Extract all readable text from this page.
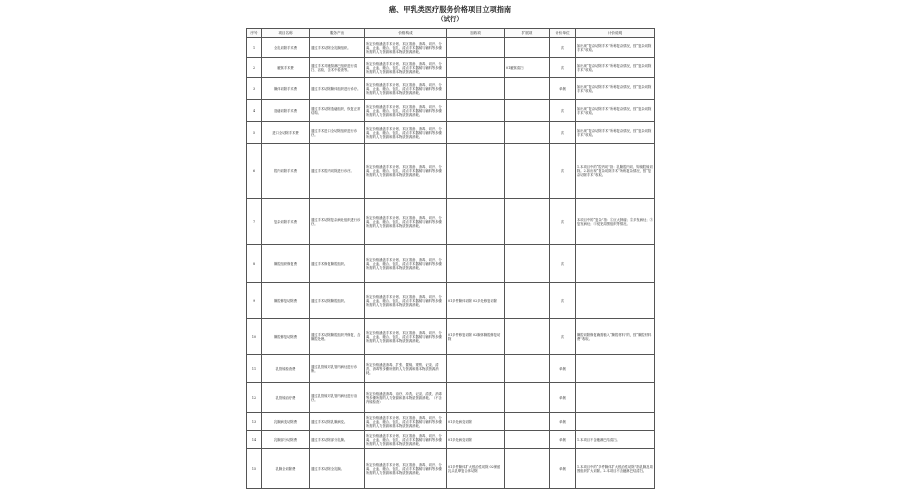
癌、甲乳类医疗服务价格项目立项指南
（试行）
序号	项目名称	服务产出	价格构成	加收项	扩展项	计价单位	计价说明
1	全乳切除手术费	通过手术切除全乳腺组织。	所定价格涵盖手术计划、术区准备、消毒、切开、分离、止血、缝合、包扎、清点手术器械与辅料等步骤所需的人力资源和基本物质资源消耗。			次	如出现“复杂切除手术”所称复杂情况，按“复杂切除手术”收取。
2	腋窝手术费	通过手术对腋窝淋巴组织进行清扫、活检，含术中检查等。	所定价格涵盖手术计划、术区准备、消毒、切开、分离、止血、缝合、包扎、清点手术器械与辅料等步骤所需的人力资源和基本物质资源消耗。		01腋窝清扫	次	如出现“复杂切除手术”所称复杂情况，按“复杂切除手术”收取。
3	腺体切除手术费	通过手术切除腺体组织进行诊疗。	所定价格涵盖手术计划、术区准备、消毒、切开、分离、止血、缝合、包扎、清点手术器械与辅料等步骤所需的人力资源和基本物质资源消耗。			单侧	如出现“复杂切除手术”所称复杂情况，按“复杂切除手术”收取。
4	造瘘切除手术费	通过手术切除造瘘组织，恢复正常结构。	所定价格涵盖手术计划、术区准备、消毒、切开、分离、止血、缝合、包扎、清点手术器械与辅料等步骤所需的人力资源和基本物质资源消耗。			次	如出现“复杂切除手术”所称复杂情况，按“复杂切除手术”收取。
5	进口全切除手术费	通过手术进口全切除组织进行诊疗。	所定价格涵盖手术计划、术区准备、消毒、切开、分离、止血、缝合、包扎、清点手术器械与辅料等步骤所需的人力资源和基本物质资源消耗。			次	如出现“复杂切除手术”所称复杂情况，按“复杂切除手术”收取。
6	腔内切除手术费	通过手术腔内切除进行诊疗。	所定价格涵盖手术计划、术区准备、消毒、切开、分离、止血、缝合、包扎、清点手术器械与辅料等步骤所需的人力资源和基本物质资源消耗。			次	1.本项目中的“腔内切”指：乳腺腔内切、钩镜腔镜切除。2.如出现“复杂切除手术”所称复杂情况，按“复杂切除手术”收取。
7	复杂切除手术费	通过手术切除复杂病灶组织进行诊疗。	所定价格涵盖手术计划、术区准备、消毒、切开、分离、止血、缝合、包扎、清点手术器械与辅料等步骤所需的人力资源和基本物质资源消耗。			次	本项目中的“复杂”指：①巨大肿瘤；②多发病灶；③复发病灶；④侵犯周围组织等情况。
8	腺腔组织修复费	通过手术修复腺腔组织。	所定价格涵盖手术计划、术区准备、消毒、切开、分离、止血、缝合、包扎、清点手术器械与辅料等步骤所需的人力资源和基本物质资源消耗。			次	
9	腺腔修复切除费	通过手术切除腺腔组织。	所定价格涵盖手术计划、术区准备、消毒、切开、分离、止血、缝合、包扎、清点手术器械与辅料等步骤所需的人力资源和基本物质资源消耗。	01多件腺体切除 02多处修复切除		次	
10	腺腔修复切除费	通过手术切除腺腔组织并修复，含腺腔处理。	所定价格涵盖手术计划、术区准备、消毒、切开、分离、止血、缝合、包扎、清点手术器械与辅料等步骤所需的人力资源和基本物质资源消耗。	01多件修复切除 02腺体腺腔修复切除		次	腺腔切除修复确需植入“腺腔材料”的，按“腺腔材料费”收取。
11	乳管镜检查费	通过乳管镜对乳管内病灶进行诊断。	所定价格涵盖消毒、扩张、置镜、观察、记录、清洗、消毒等步骤所需的人力资源和基本物质资源消耗。			单侧	
12	乳管镜治疗费	通过乳管镜对乳管内病灶进行治疗。	所定价格涵盖消毒、治疗、冲洗、记录、清洗、消毒等步骤所需的人力资源和基本物质资源消耗。（不含内镜检查）			单侧	
13	乳腺病变切除费	通过手术切除乳腺病变。	所定价格涵盖手术计划、术区准备、消毒、切开、分离、止血、缝合、包扎、清点手术器械与辅料等步骤所需的人力资源和基本物质资源消耗。	01多处病变切除		单侧	
14	乳腺部分切除费	通过手术切除部分乳腺。	所定价格涵盖手术计划、术区准备、消毒、切开、分离、止血、缝合、包扎、清点手术器械与辅料等步骤所需的人力资源和基本物质资源消耗。	01多处病变切除		单侧	1.本项目不含腋淋巴结清扫。
15	乳腺全切除费	通过手术切除全乳腺。	所定价格涵盖手术计划、术区准备、消毒、切开、分离、止血、缝合、包扎、清点手术器械与辅料等步骤所需的人力资源和基本物质资源消耗。	01多件腺体扩大根治性切除 02保留乳头乳晕复合体切除		单侧	1.本项目中的“多件腺体扩大根治性切除”指乳腺及周围组织扩大切除。2.本项目不含腋淋巴结清扫。
